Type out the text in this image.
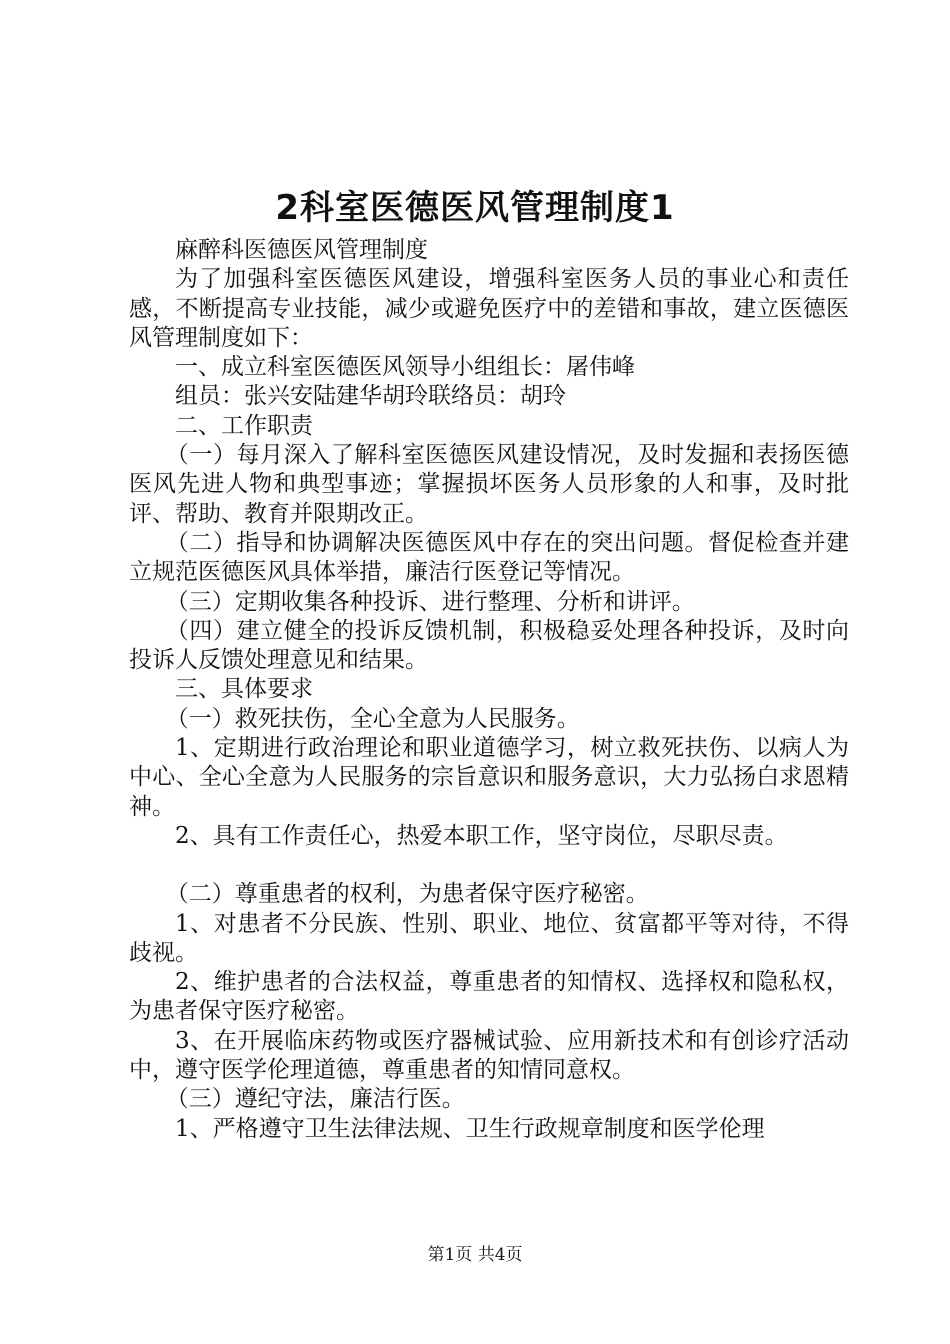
2科室医德医风管理制度1

麻醉科医德医风管理制度

为了加强科室医德医风建设，增强科室医务人员的事业心和责任感，不断提高专业技能，减少或避免医疗中的差错和事故，建立医德医风管理制度如下：

一、成立科室医德医风领导小组组长：屠伟峰

组员：张兴安陆建华胡玲联络员：胡玲

二、工作职责

（一）每月深入了解科室医德医风建设情况，及时发掘和表扬医德医风先进人物和典型事迹；掌握损坏医务人员形象的人和事，及时批评、帮助、教育并限期改正。

（二）指导和协调解决医德医风中存在的突出问题。督促检查并建立规范医德医风具体举措，廉洁行医登记等情况。

（三）定期收集各种投诉、进行整理、分析和讲评。

（四）建立健全的投诉反馈机制，积极稳妥处理各种投诉，及时向投诉人反馈处理意见和结果。

三、具体要求

（一）救死扶伤，全心全意为人民服务。

1、定期进行政治理论和职业道德学习，树立救死扶伤、以病人为中心、全心全意为人民服务的宗旨意识和服务意识，大力弘扬白求恩精神。

2、具有工作责任心，热爱本职工作，坚守岗位，尽职尽责。

（二）尊重患者的权利，为患者保守医疗秘密。

1、对患者不分民族、性别、职业、地位、贫富都平等对待，不得歧视。

2、维护患者的合法权益，尊重患者的知情权、选择权和隐私权，为患者保守医疗秘密。

3、在开展临床药物或医疗器械试验、应用新技术和有创诊疗活动中，遵守医学伦理道德，尊重患者的知情同意权。

（三）遵纪守法，廉洁行医。

1、严格遵守卫生法律法规、卫生行政规章制度和医学伦理

第1页 共4页
